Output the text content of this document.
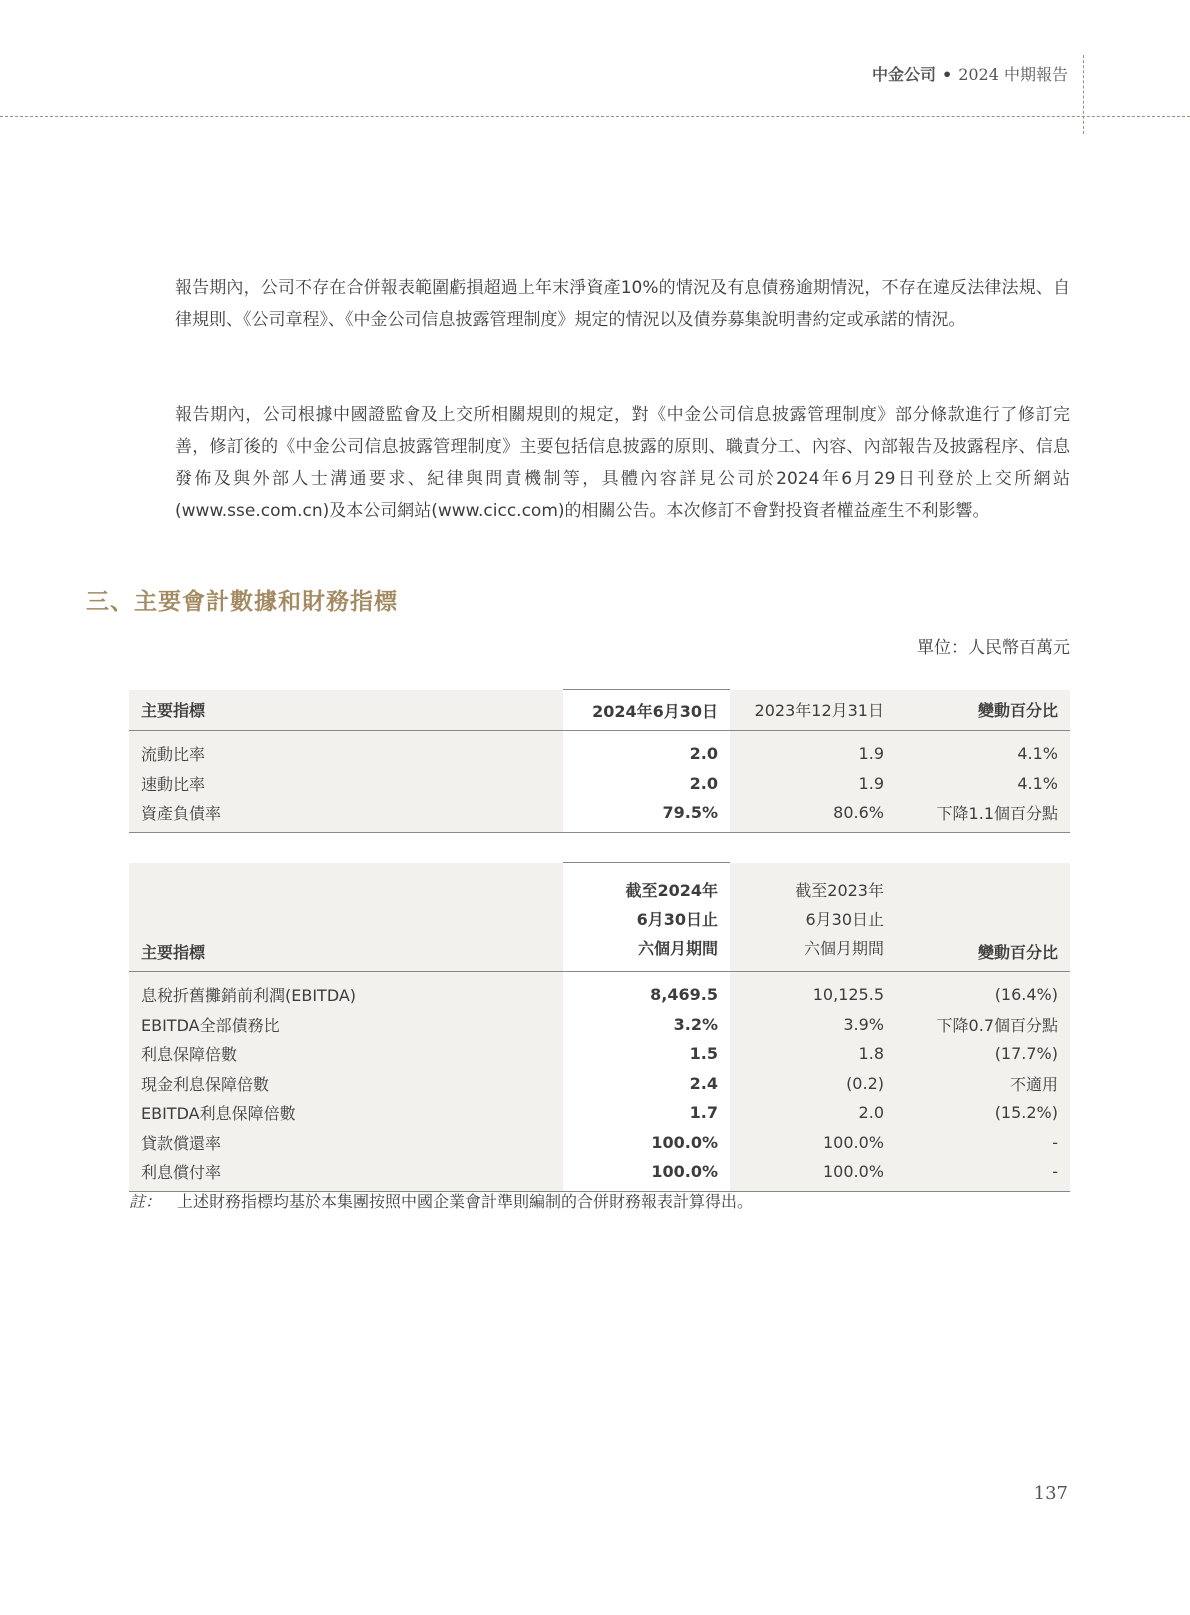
中金公司 • 2024 中期報告

報告期內，公司不存在合併報表範圍虧損超過上年末淨資產10%的情況及有息債務逾期情況，不存在違反法律法規、自律規則、《公司章程》、《中金公司信息披露管理制度》規定的情況以及債券募集說明書約定或承諾的情況。

報告期內，公司根據中國證監會及上交所相關規則的規定，對《中金公司信息披露管理制度》部分條款進行了修訂完善，修訂後的《中金公司信息披露管理制度》主要包括信息披露的原則、職責分工、內容、內部報告及披露程序、信息發佈及與外部人士溝通要求、紀律與問責機制等，具體內容詳見公司於2024年6月29日刊登於上交所網站(www.sse.com.cn)及本公司網站(www.cicc.com)的相關公告。本次修訂不會對投資者權益產生不利影響。

三、主要會計數據和財務指標
單位：人民幣百萬元
主要指標	2024年6月30日	2023年12月31日	變動百分比
流動比率	2.0	1.9	4.1%
速動比率	2.0	1.9	4.1%
資產負債率	79.5%	80.6%	下降1.1個百分點
主要指標	截至2024年
6月30日止
六個月期間	截至2023年
6月30日止
六個月期間	變動百分比
息稅折舊攤銷前利潤(EBITDA)	8,469.5	10,125.5	(16.4%)
EBITDA全部債務比	3.2%	3.9%	下降0.7個百分點
利息保障倍數	1.5	1.8	(17.7%)
現金利息保障倍數	2.4	(0.2)	不適用
EBITDA利息保障倍數	1.7	2.0	(15.2%)
貸款償還率	100.0%	100.0%	-
利息償付率	100.0%	100.0%	-
註： 上述財務指標均基於本集團按照中國企業會計準則編制的合併財務報表計算得出。
137
